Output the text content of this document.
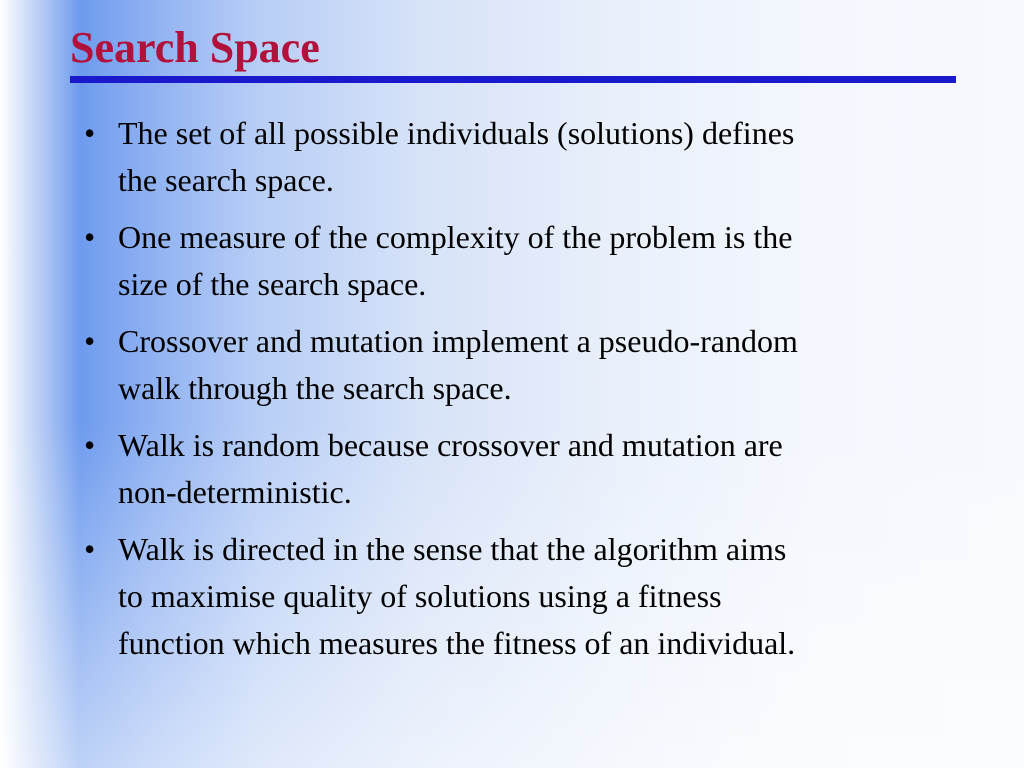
Search Space
• The set of all possible individuals (solutions) defines
the search space.
• One measure of the complexity of the problem is the
size of the search space.
• Crossover and mutation implement a pseudo-random
walk through the search space.
• Walk is random because crossover and mutation are
non-deterministic.
• Walk is directed in the sense that the algorithm aims
to maximise quality of solutions using a fitness
function which measures the fitness of an individual.
